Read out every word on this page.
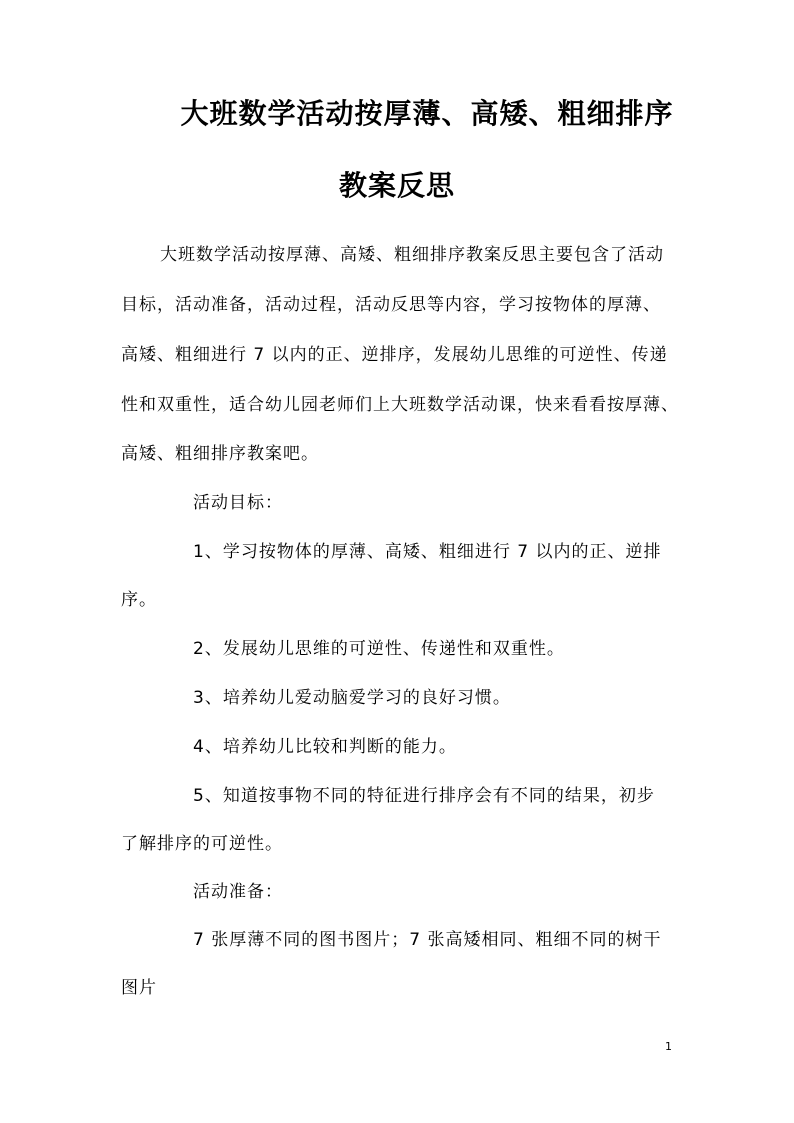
大班数学活动按厚薄、高矮、粗细排序
教案反思
大班数学活动按厚薄、高矮、粗细排序教案反思主要包含了活动
目标，活动准备，活动过程，活动反思等内容，学习按物体的厚薄、
高矮、粗细进行 7 以内的正、逆排序，发展幼儿思维的可逆性、传递
性和双重性，适合幼儿园老师们上大班数学活动课，快来看看按厚薄、
高矮、粗细排序教案吧。
活动目标：
1、学习按物体的厚薄、高矮、粗细进行 7 以内的正、逆排
序。
2、发展幼儿思维的可逆性、传递性和双重性。
3、培养幼儿爱动脑爱学习的良好习惯。
4、培养幼儿比较和判断的能力。
5、知道按事物不同的特征进行排序会有不同的结果，初步
了解排序的可逆性。
活动准备：
7 张厚薄不同的图书图片；7 张高矮相同、粗细不同的树干
图片
1
